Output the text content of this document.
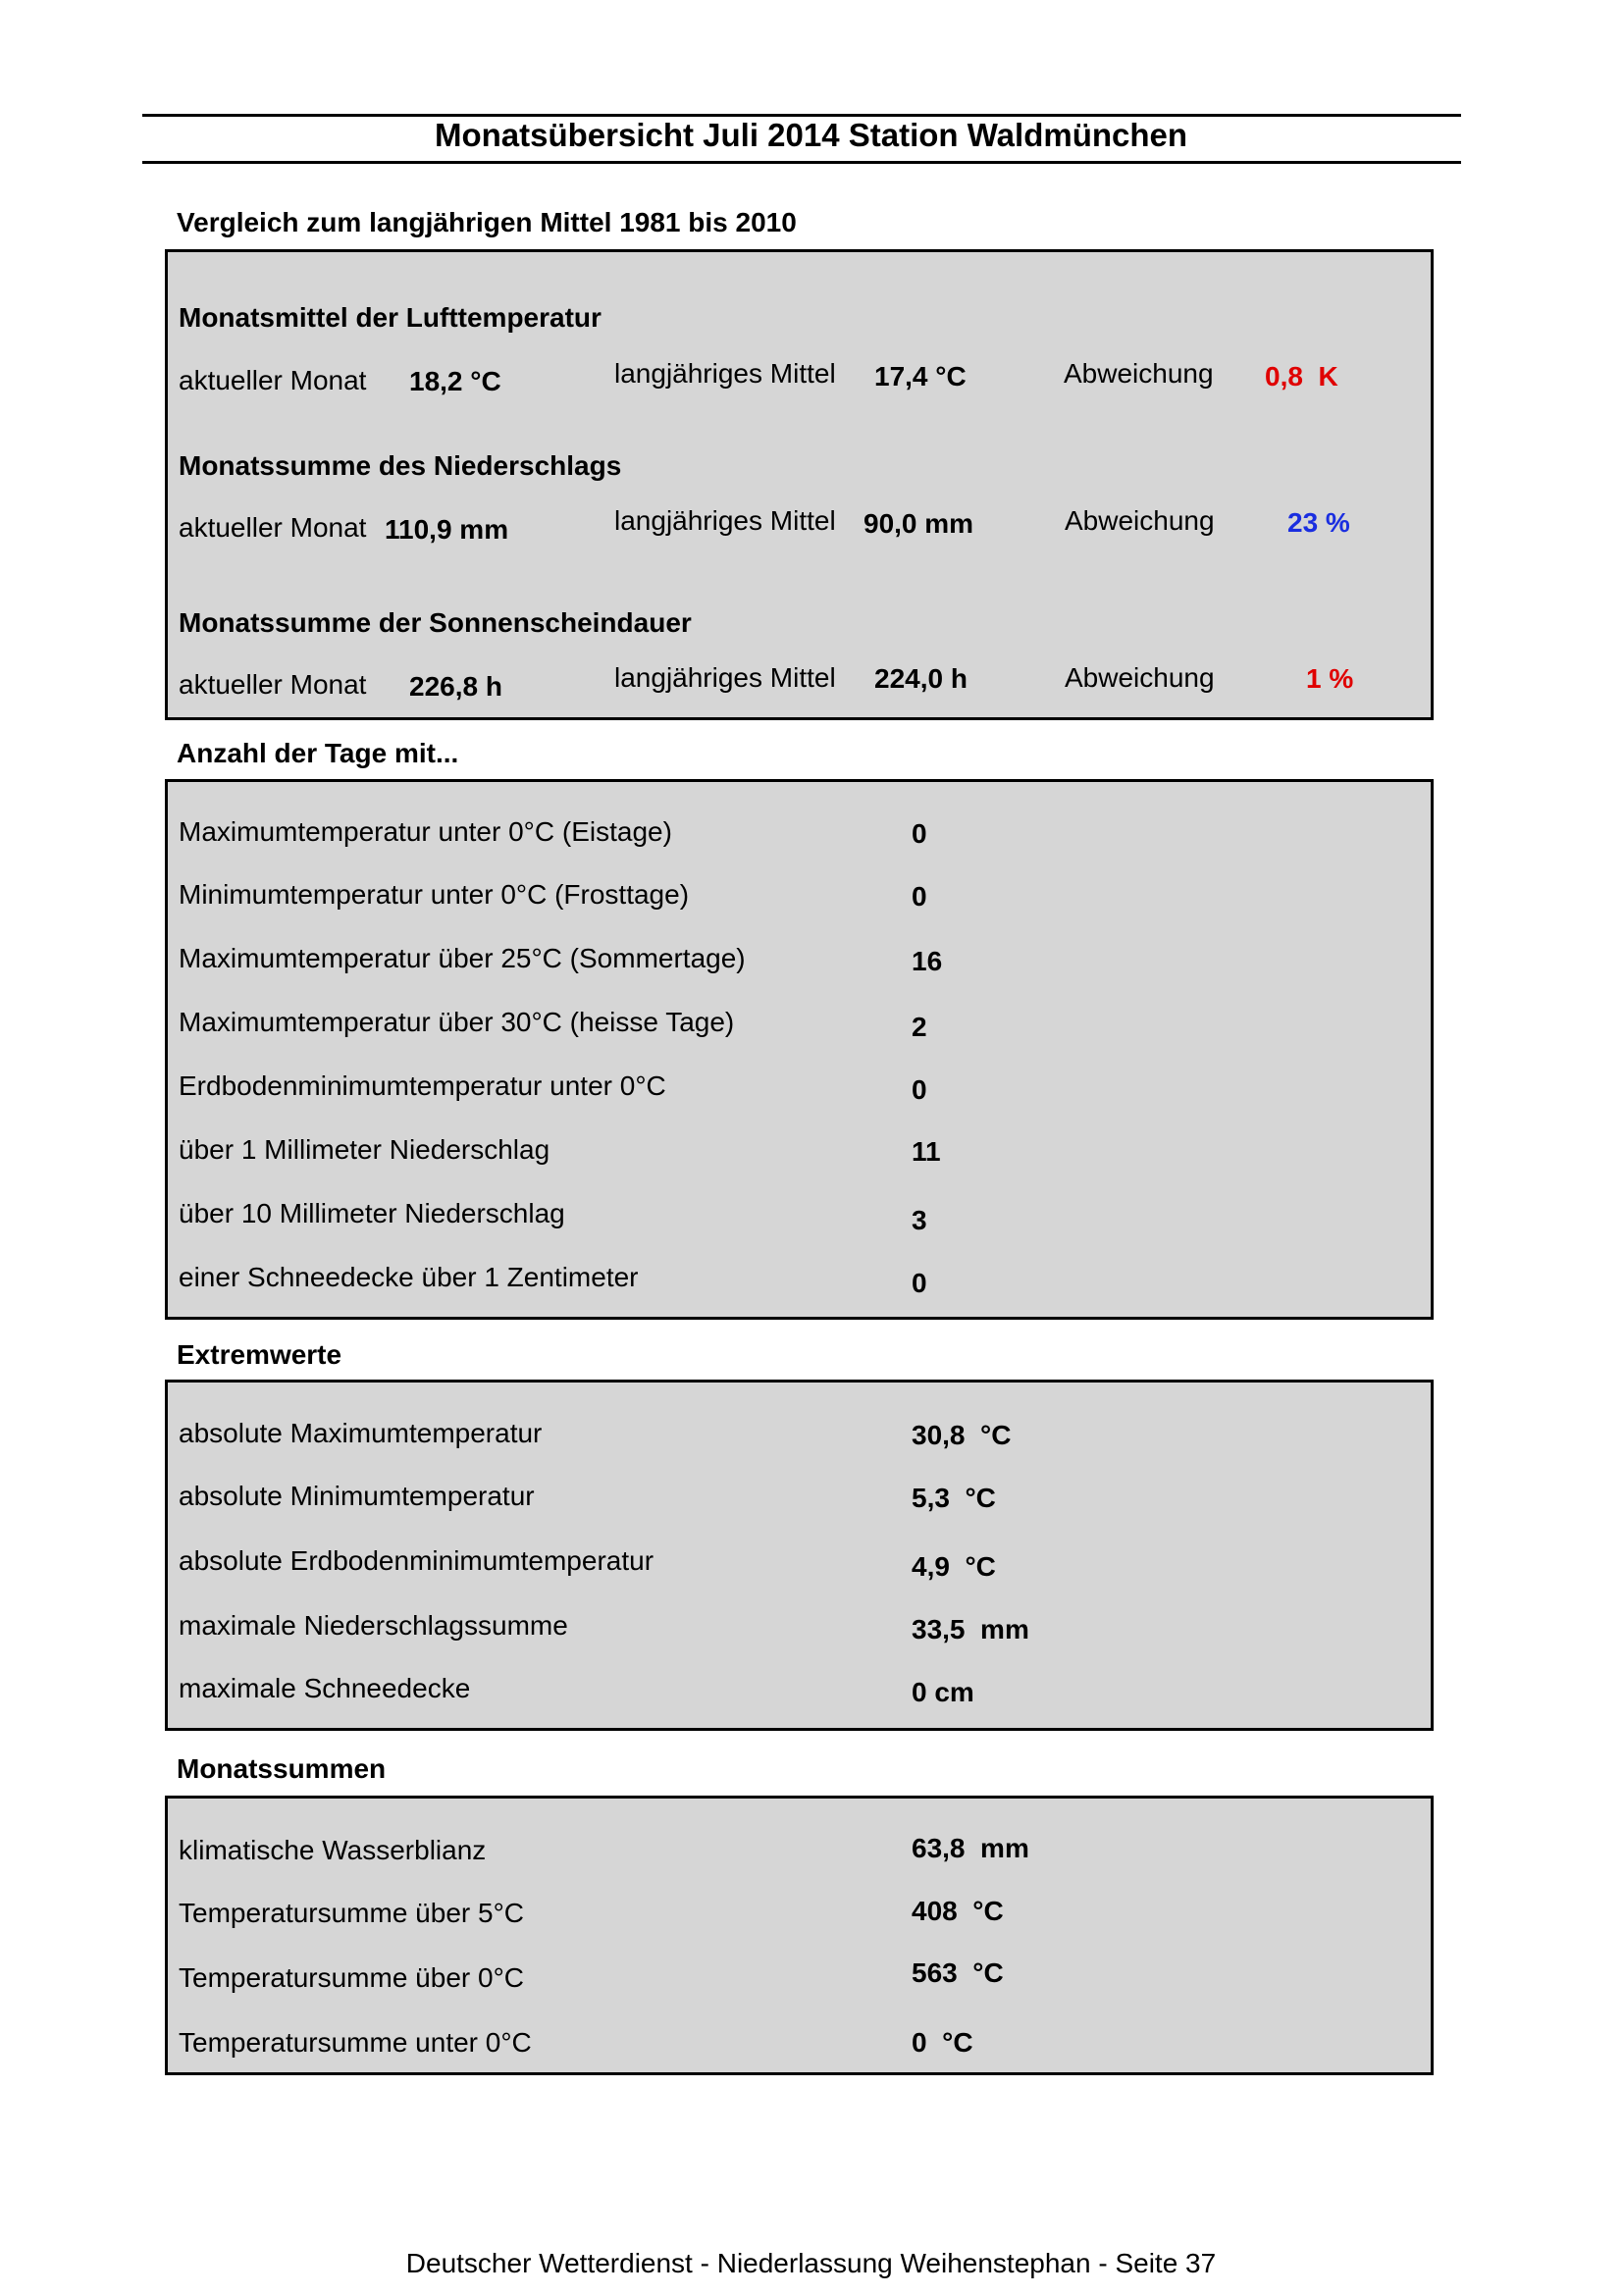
Monatsübersicht Juli 2014 Station Waldmünchen
Vergleich zum langjährigen Mittel 1981 bis 2010
Monatsmittel der Lufttemperatur
aktueller Monat 18,2 °C	langjähriges Mittel 17,4 °C	Abweichung 0,8  K
Monatssumme des Niederschlags
aktueller Monat 110,9 mm	langjähriges Mittel 90,0 mm	Abweichung	23 %
Monatssumme der Sonnenscheindauer
aktueller Monat 226,8 h	langjähriges Mittel 224,0 h	Abweichung	1 %
Anzahl der Tage mit...
Maximumtemperatur unter 0°C (Eistage)	0
Minimumtemperatur unter 0°C (Frosttage)	0
Maximumtemperatur über 25°C (Sommertage)	16
Maximumtemperatur über 30°C (heisse Tage)	2
Erdbodenminimumtemperatur unter 0°C	0
über 1 Millimeter Niederschlag	11
über 10 Millimeter Niederschlag	3
einer Schneedecke über 1 Zentimeter	0
Extremwerte
absolute Maximumtemperatur	30,8  °C
absolute Minimumtemperatur	5,3  °C
absolute Erdbodenminimumtemperatur	4,9  °C
maximale Niederschlagssumme	33,5  mm
maximale Schneedecke	0 cm
Monatssummen
klimatische Wasserblianz	63,8  mm
Temperatursumme über 5°C	408  °C
Temperatursumme über 0°C	563  °C
Temperatursumme unter 0°C	0  °C
Deutscher Wetterdienst - Niederlassung Weihenstephan - Seite 37
